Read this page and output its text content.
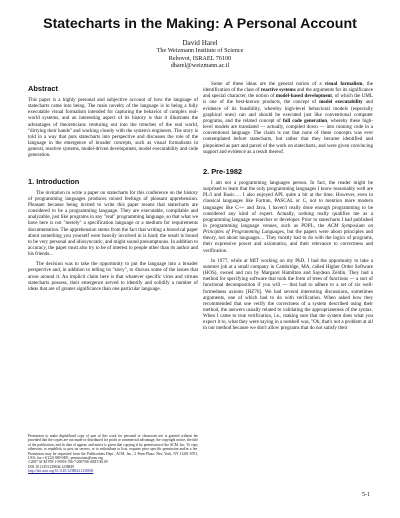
Statecharts in the Making: A Personal Account
David Harel
The Weizmann Institute of Science
Rehovot, ISRAEL 76100
dharel@weizmann.ac.il
Abstract

This paper is a highly personal and subjective account of how the language of statecharts came into being. The main novelty of the language is in being a fully executable visual formalism intended for capturing the behavior of complex real-world systems, and an interesting aspect of its history is that it illustrates the advantages of theoreticians venturing out into the trenches of the real world, "dirtying their hands" and working closely with the system's engineers. The story is told in a way that puts statecharts into perspective and discusses the role of the language in the emergence of broader concepts, such as visual formalisms in general, reactive systems, model-driven development, model executability and code generation.

1. Introduction

The invitation to write a paper on statecharts for this conference on the history of programming languages produces mixed feelings of pleasant apprehension. Pleasant because being invited to write this paper means that statecharts are considered to be a programming language. They are executable, compilable and analyzable, just like programs in any "real" programming language, so that what we have here is not "merely" a specification language or a medium for requirements documentation. The apprehension stems from the fact that writing a historical paper about something you yourself were heavily involved in is hard; the result is bound to be very personal and idiosyncratic, and might sound presumptuous. In addition to accuracy, the paper must also try to be of interest to people other than its author and his friends...

The decision was to take the opportunity to put the language into a broader perspective and, in addition to telling its "story", to discuss some of the issues that arose around it. An implicit claim here is that whatever specific vices and virtues statecharts possess, their emergence served to identify and solidify a number of ideas that are of greater significance than one particular language.

Some of these ideas are the general notion of a visual formalism, the identification of the class of reactive systems and the arguments for its significance and special character, the notion of model-based development, of which the UML is one of the best-known products, the concept of model executability and evidence of its feasibility, whereby high-level behavioral models (especially graphical ones) can and should be executed just like conventional computer programs, and the related concept of full code generation, whereby these high-level models are translated — actually, compiled down — into running code in a conventional language. The claim is not that none of these concepts was ever contemplated before statecharts, but rather that they became identified and pinpointed as part and parcel of the work on statecharts, and were given convincing support and evidence as a result thereof.

2. Pre-1982

I am not a programming languages person. In fact, the reader might be surprised to learn that the only programming languages I know reasonably well are PL/I and Basic…. I also enjoyed APL quite a bit at the time. However, even in classical languages like Fortran, PASCAL or C, not to mention more modern languages like C++ and Java, I haven't really done enough programming to be considered any kind of expert. Actually, nothing really qualifies me as a programming language researcher or developer. Prior to statecharts I had published in programming language venues, such as POPL, the ACM Symposium on Principles of Programming Languages, but the papers were about principles and theory, not about languages… They mostly had to do with the logics of programs, their expressive power and axiomatics, and their relevance to correctness and verification.

In 1977, while at MIT working on my PhD, I had the opportunity to take a summer job at a small company in Cambridge, MA, called Higher Order Software (HOS), owned and run by Margaret Hamilton and Saydean Zeldin. They had a method for specifying software that took the form of trees of functions — a sort of functional decomposition if you will — that had to adhere to a set of six well-formedness axioms [HZ76]. We had several interesting discussions, sometimes arguments, one of which had to do with verification. When asked how they recommended that one verify the correctness of a system described using their method, the answers usually related to validating the appropriateness of the syntax. When I came to true verification, i.e., making sure that the system does what you expect it to, what they were saying in a nutshell was, "Oh, that's not a problem at all in our method because we don't allow programs that do not satisfy their

Permission to make digital/hard copy of part of this work for personal or classroom use is granted without fee provided that the copies are not made or distributed for profit or commercial advantage, the copyright notice, the title of the publication, and its date of appear, and notice is given that copying is by permission of the ACM, Inc. To copy otherwise, to republish, to post on servers, or to redistribute to lists, requires prior specific permission and/or a fee. Permission may be requested from the Publications Dept., ACM, Inc., 2 Penn Plaza, New York, NY 11201-0701, USA, fax:+1(212) 869-0481, permissions@acm.org
©2007 ACM 978-1-59593-766-7/2007/06-ART5 $5.00
DOI 10.1145/1238844.1238849
http://doi.acm.org/10.1145/1238844.1238849
5-1
